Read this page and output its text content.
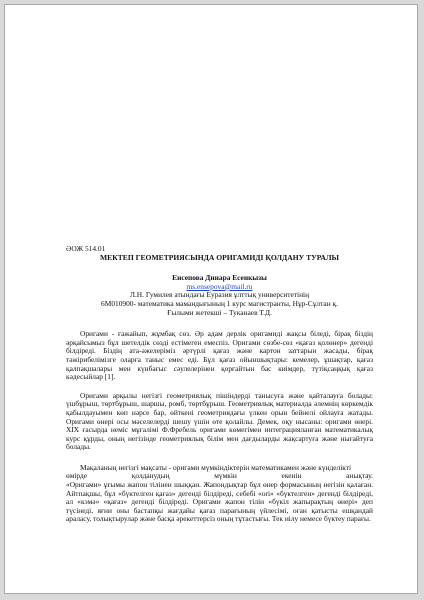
ӘОЖ 514.01

МЕКТЕП ГЕОМЕТРИЯСЫНДА ОРИГАМИДІ ҚОЛДАНУ ТУРАЛЫ

Енсепова Динара Есенкызы

ms.ensepova@mail.ru

Л.Н. Гумилев атындағы Еуразия ұлттық университетінің

6М010900- математика мамандығының 1 курс магистранты, Нұр-Сұлтан қ.

Ғылыми жетекші – Туканаев Т.Д.

Оригами - ғажайып, жұмбақ сөз. Әр адам дерлік оригамиді жақсы біледі, бірақ біздің әрқайсымыз бұл шетелдік сөзді естімеген емеспіз. Оригами сөзбе-сөз «қағаз қолөнер» дегенді білдіреді. Біздің ата-әжелеріміз әртүрлі қағаз және картон заттарын жасады, бірақ тәжірибелімізге оларға таныс емес еді. Бұл қағаз ойыншықтары: кемелер, ұшақтар, қағаз қалпақшалары мен күнбағыс сәулелерінен қорғайтын бас киімдер, түтіқсаңқық қағаз кәдесыйлар [1].

Оригами арқылы негізгі геометриялық пішіндерді танысуға және қайталауға болады: үшбұрыш, төртбұрыш, шаршы, ромб, төртбұрыш. Геометриялық материалда әлемнің көркемдік қабылдауымен көп нәрсе бар, өйткені геометриядағы үлкен орын бейнелі ойлауға жатады. Оригами өнері осы мәселелерді шешу үшін өте қолайлы. Демек, оқу нысаны: оригами өнері. XIX ғасырда неміс мұғалімі Ф.Фребель оригами көмегімен интеграцияланған математикалық курс құрды, оның негізінде геометриялық білім мен дағдыларды жақсартуға және нығайтуға болады.

Мақаланың негізгі мақсаты - оригами мүмкіндіктерін математикамен және күнделікті

өмірде	қолданудың	мүмкін	екенін	анықтау.

«Оригами» ұғымы жапон тілінен шыққан. Жапондықтар бұл өнер формасының негізін қалаған. Айтпақшы, бұл «бүктелген қағаз» дегенді білдіреді, себебі «ori» «бүктелген» дегенді білдіреді, ал «кэмә» «қағаз» дегенді білдіреді. Оригами жапон тілін «бүкіл жапырақтың өнері» деп түсінеді, яғни оны бастапқы жағдайы қағаз парағының үйлесімі, оған қатысты ешқандай араласу, толықтырулар және басқа әрекеттерсіз оның тұтастығы. Тек иілу немесе бүктеу парағы.
